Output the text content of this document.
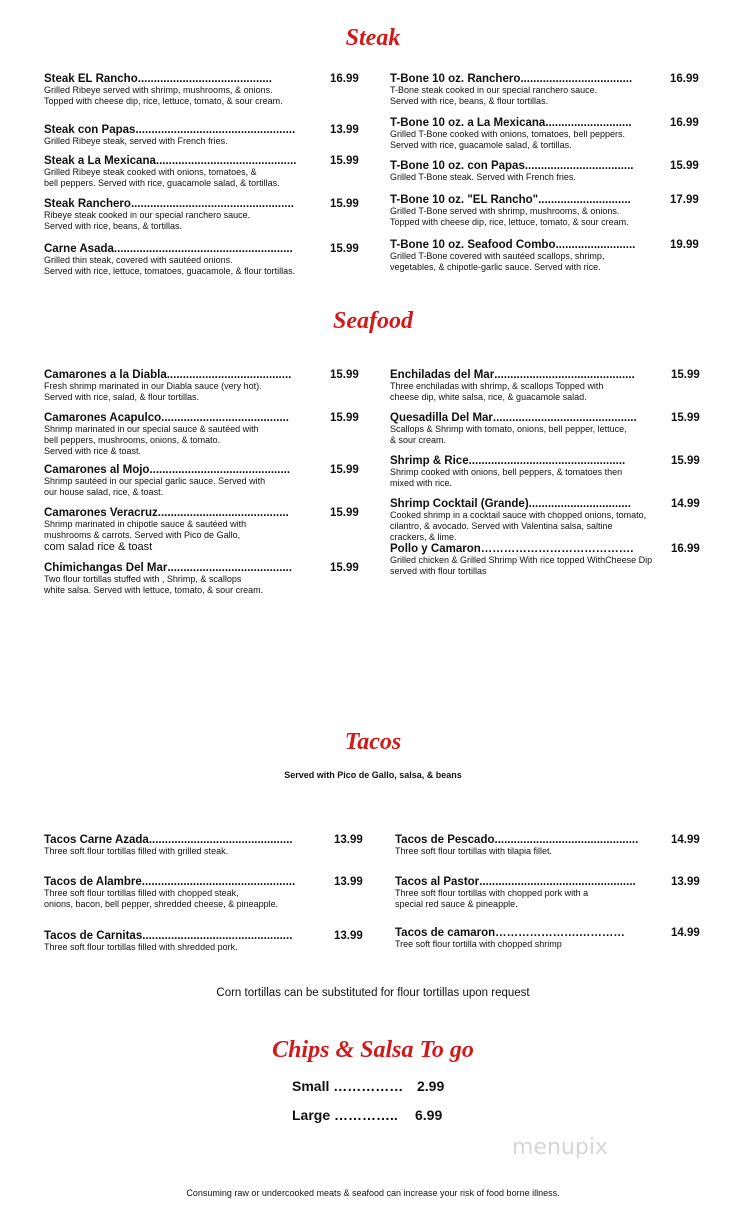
Steak
Steak EL Rancho..........................................	16.99
Grilled Ribeye served with shrimp, mushrooms, & onions.
Topped with cheese dip, rice, lettuce, tomato, & sour cream.
Steak con Papas..................................................	13.99
Grilled Ribeye steak, served with French fries.
Steak a La Mexicana............................................	15.99
Grilled Ribeye steak cooked with onions, tomatoes, &
bell peppers. Served with rice, guacamole salad, & tortillas.
Steak Ranchero...................................................	15.99
Ribeye steak cooked in our special ranchero sauce.
Served with rice, beans, & tortillas.
Carne Asada........................................................	15.99
Grilled thin steak, covered with sautéed onions.
Served with rice, lettuce, tomatoes, guacamole, & flour tortillas.
T-Bone 10 oz. Ranchero...................................	16.99
T-Bone steak cooked in our special ranchero sauce.
Served with rice, beans, & flour tortillas.
T-Bone 10 oz. a La Mexicana...........................	16.99
Grilled T-Bone cooked with onions, tomatoes, bell peppers.
Served with rice, guacamole salad, & tortillas.
T-Bone 10 oz. con Papas..................................	15.99
Grilled T-Bone steak. Served with French fries.
T-Bone 10 oz. "EL Rancho".............................	17.99
Grilled T-Bone served with shrimp, mushrooms, & onions.
Topped with cheese dip, rice, lettuce, tomato, & sour cream.
T-Bone 10 oz. Seafood Combo.........................	19.99
Grilled T-Bone covered with sautéed scallops, shrimp,
vegetables, & chipotle-garlic sauce. Served with rice.
Seafood
Camarones a la Diabla.......................................	15.99
Fresh shrimp marinated in our Diabla sauce (very hot).
Served with rice, salad, & flour tortillas.
Camarones Acapulco........................................	15.99
Shrimp marinated in our special sauce & sautéed with
bell peppers, mushrooms, onions, & tomato.
Served with rice & toast.
Camarones al Mojo............................................	15.99
Shrimp sautéed in our special garlic sauce. Served with
our house salad, rice, & toast.
Camarones Veracruz.........................................	15.99
Shrimp marinated in chipotle sauce & sautéed with
mushrooms & carrots. Served with Pico de Gallo,
com salad rice & toast
Chimichangas Del Mar.......................................	15.99
Two flour tortillas stuffed with , Shrimp, & scallops
white salsa. Served with lettuce, tomato, & sour cream.
Enchiladas del Mar............................................	15.99
Three enchiladas with shrimp, & scallops Topped with
cheese dip, white salsa, rice, & guacamole salad.
Quesadilla Del Mar.............................................	15.99
Scallops & Shrimp with tomato, onions, bell pepper, lettuce,
& sour cream.
Shrimp & Rice.................................................	15.99
Shrimp cooked with onions, bell peppers, & tomatoes then
mixed with rice.
Shrimp Cocktail (Grande)................................	14.99
Cooked shrimp in a cocktail sauce with chopped onions, tomato,
cilantro, & avocado. Served with Valentina salsa, saltine
crackers, & lime.
Pollo y Camaron………………………………….	16.99
Grilled chicken & Grilled Shrimp With rice topped WithCheese Dip
served with flour tortillas
Tacos
Served with Pico de Gallo, salsa, & beans
Tacos Carne Azada.............................................	13.99
Three soft flour tortillas filled with grilled steak.
Tacos de Alambre................................................	13.99
Three soft flour tortillas filled with chopped steak,
onions, bacon, bell pepper, shredded cheese, & pineapple.
Tacos de Carnitas...............................................	13.99
Three soft flour tortillas filled with shredded pork.
Tacos de Pescado.............................................	14.99
Three soft flour tortillas with tilapia fillet.
Tacos al Pastor.................................................	13.99
Three soft flour tortillas with chopped pork with a
special red sauce & pineapple.
Tacos de camaron………………….…………	14.99
Tree soft flour tortilla with chopped shrimp
Corn tortillas can be substituted for flour tortillas upon request
Chips & Salsa To go
Small …………… 2.99
Large ………….. 6.99
menupix
Consuming raw or undercooked meats & seafood can increase your risk of food borne illness.
